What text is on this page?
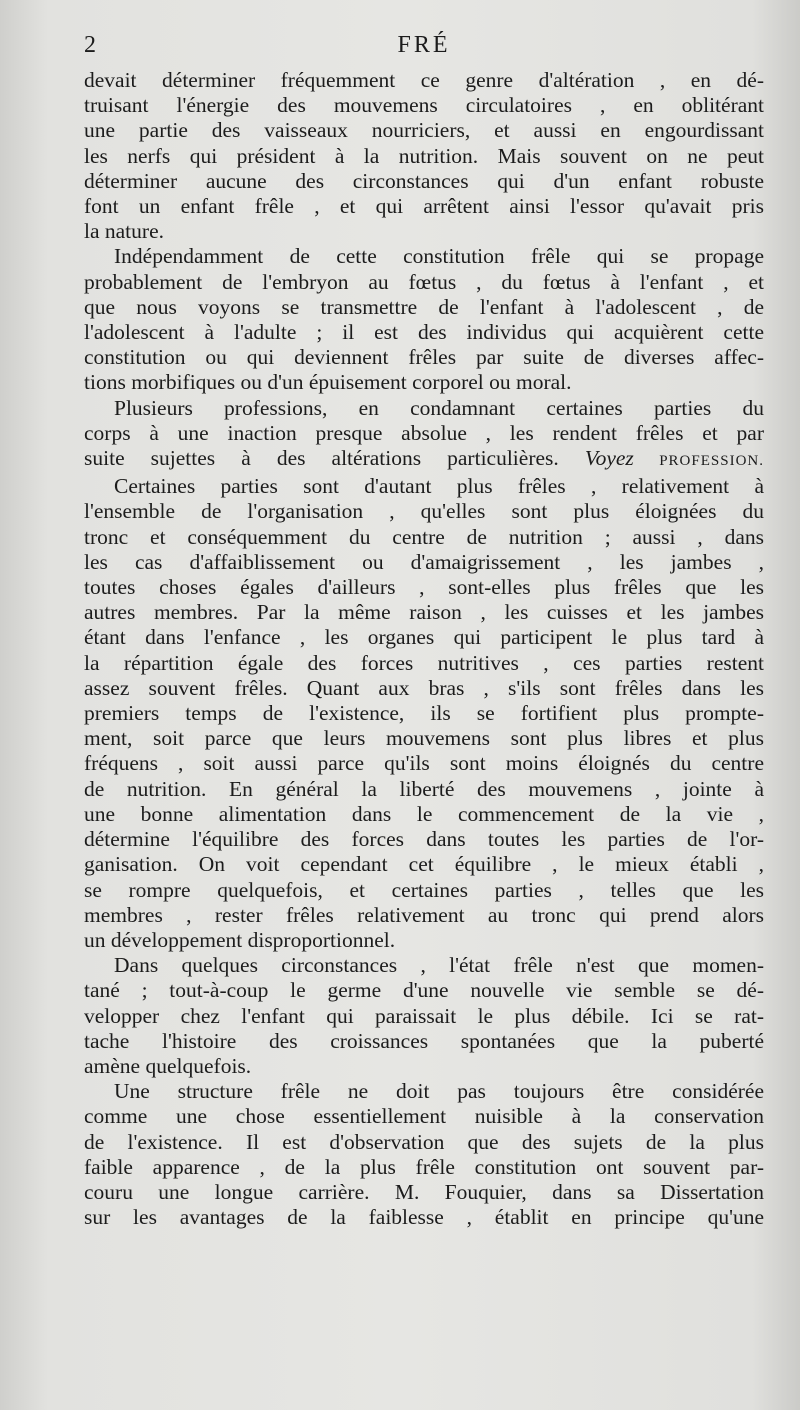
2	FRÉ

devait déterminer fréquemment ce genre d'altération , en dé-
truisant l'énergie des mouvemens circulatoires , en oblitérant
une partie des vaisseaux nourriciers, et aussi en engourdissant
les nerfs qui président à la nutrition. Mais souvent on ne peut
déterminer aucune des circonstances qui d'un enfant robuste
font un enfant frêle , et qui arrêtent ainsi l'essor qu'avait pris
la nature.

Indépendamment de cette constitution frêle qui se propage
probablement de l'embryon au fœtus , du fœtus à l'enfant , et
que nous voyons se transmettre de l'enfant à l'adolescent , de
l'adolescent à l'adulte ; il est des individus qui acquièrent cette
constitution ou qui deviennent frêles par suite de diverses affec-
tions morbifiques ou d'un épuisement corporel ou moral.

Plusieurs professions, en condamnant certaines parties du
corps à une inaction presque absolue , les rendent frêles et par
suite sujettes à des altérations particulières. Voyez PROFESSION.

Certaines parties sont d'autant plus frêles , relativement à
l'ensemble de l'organisation , qu'elles sont plus éloignées du
tronc et conséquemment du centre de nutrition ; aussi , dans
les cas d'affaiblissement ou d'amaigrissement , les jambes ,
toutes choses égales d'ailleurs , sont-elles plus frêles que les
autres membres. Par la même raison , les cuisses et les jambes
étant dans l'enfance , les organes qui participent le plus tard à
la répartition égale des forces nutritives , ces parties restent
assez souvent frêles. Quant aux bras , s'ils sont frêles dans les
premiers temps de l'existence, ils se fortifient plus prompte-
ment, soit parce que leurs mouvemens sont plus libres et plus
fréquens , soit aussi parce qu'ils sont moins éloignés du centre
de nutrition. En général la liberté des mouvemens , jointe à
une bonne alimentation dans le commencement de la vie ,
détermine l'équilibre des forces dans toutes les parties de l'or-
ganisation. On voit cependant cet équilibre , le mieux établi ,
se rompre quelquefois, et certaines parties , telles que les
membres , rester frêles relativement au tronc qui prend alors
un développement disproportionnel.

Dans quelques circonstances , l'état frêle n'est que momen-
tané ; tout-à-coup le germe d'une nouvelle vie semble se dé-
velopper chez l'enfant qui paraissait le plus débile. Ici se rat-
tache l'histoire des croissances spontanées que la puberté
amène quelquefois.

Une structure frêle ne doit pas toujours être considérée
comme une chose essentiellement nuisible à la conservation
de l'existence. Il est d'observation que des sujets de la plus
faible apparence , de la plus frêle constitution ont souvent par-
couru une longue carrière. M. Fouquier, dans sa Dissertation
sur les avantages de la faiblesse , établit en principe qu'une
